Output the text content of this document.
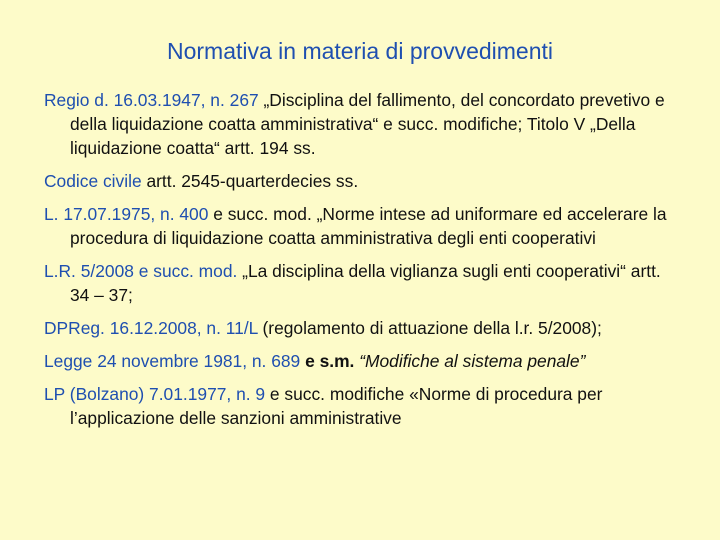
Normativa in materia di provvedimenti
Regio d. 16.03.1947, n. 267 „Disciplina del fallimento, del concordato prevetivo e della liquidazione coatta amministrativa“ e succ. modifiche; Titolo V „Della liquidazione coatta“ artt. 194 ss.
Codice civile artt. 2545-quarterdecies ss.
L. 17.07.1975, n. 400 e succ. mod. „Norme intese ad uniformare ed accelerare la procedura di liquidazione coatta amministrativa degli enti cooperativi
L.R. 5/2008 e succ. mod. „La disciplina della viglianza sugli enti cooperativi“ artt. 34 – 37;
DPReg. 16.12.2008, n. 11/L (regolamento di attuazione della l.r. 5/2008);
Legge 24 novembre 1981, n. 689 e s.m. “Modifiche al sistema penale”
LP (Bolzano) 7.01.1977, n. 9 e succ. modifiche «Norme di procedura per l’applicazione delle sanzioni amministrative
